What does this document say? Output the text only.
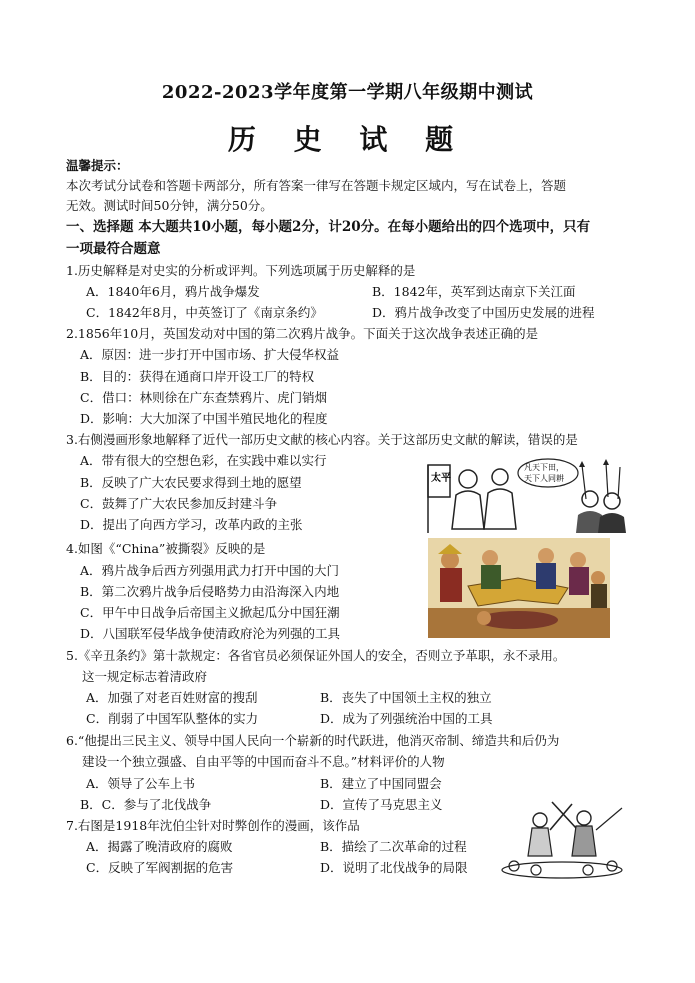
2022-2023学年度第一学期八年级期中测试
历 史 试 题
温馨提示：
本次考试分试卷和答题卡两部分，所有答案一律写在答题卡规定区域内，写在试卷上，答题
无效。测试时间50分钟，满分50分。
一、选择题 本大题共10小题，每小题2分，计20分。在每小题给出的四个选项中，只有
一项最符合题意
1.历史解释是对史实的分析或评判。下列选项属于历史解释的是
A．1840年6月，鸦片战争爆发	B．1842年，英军到达南京下关江面
C．1842年8月，中英签订了《南京条约》	D．鸦片战争改变了中国历史发展的进程
2.1856年10月，英国发动对中国的第二次鸦片战争。下面关于这次战争表述正确的是
A．原因：进一步打开中国市场、扩大侵华权益
B．目的：获得在通商口岸开设工厂的特权
C．借口：林则徐在广东查禁鸦片、虎门销烟
D．影响：大大加深了中国半殖民地化的程度
3.右侧漫画形象地解释了近代一部历史文献的核心内容。关于这部历史文献的解读，错误的是
A．带有很大的空想色彩，在实践中难以实行
B．反映了广大农民要求得到土地的愿望
C．鼓舞了广大农民参加反封建斗争
D．提出了向西方学习，改革内政的主张
太平
凡天下田，
天下人同耕
4.如图《“China”被撕裂》反映的是
A．鸦片战争后西方列强用武力打开中国的大门
B．第二次鸦片战争后侵略势力由沿海深入内地
C．甲午中日战争后帝国主义掀起瓜分中国狂潮
D．八国联军侵华战争使清政府沦为列强的工具
5.《辛丑条约》第十款规定：各省官员必须保证外国人的安全，否则立予革职，永不录用。
这一规定标志着清政府
A．加强了对老百姓财富的搜刮	B．丧失了中国领土主权的独立
C．削弱了中国军队整体的实力	D．成为了列强统治中国的工具
6.“他提出三民主义、领导中国人民向一个崭新的时代跃进，他消灭帝制、缔造共和后仍为
建设一个独立强盛、自由平等的中国而奋斗不息。”材料评价的人物
A．领导了公车上书	B．建立了中国同盟会
B．C．参与了北伐战争	D．宣传了马克思主义
7.右图是1918年沈伯尘针对时弊创作的漫画，该作品
A．揭露了晚清政府的腐败	B．描绘了二次革命的过程
C．反映了军阀割据的危害	D．说明了北伐战争的局限
